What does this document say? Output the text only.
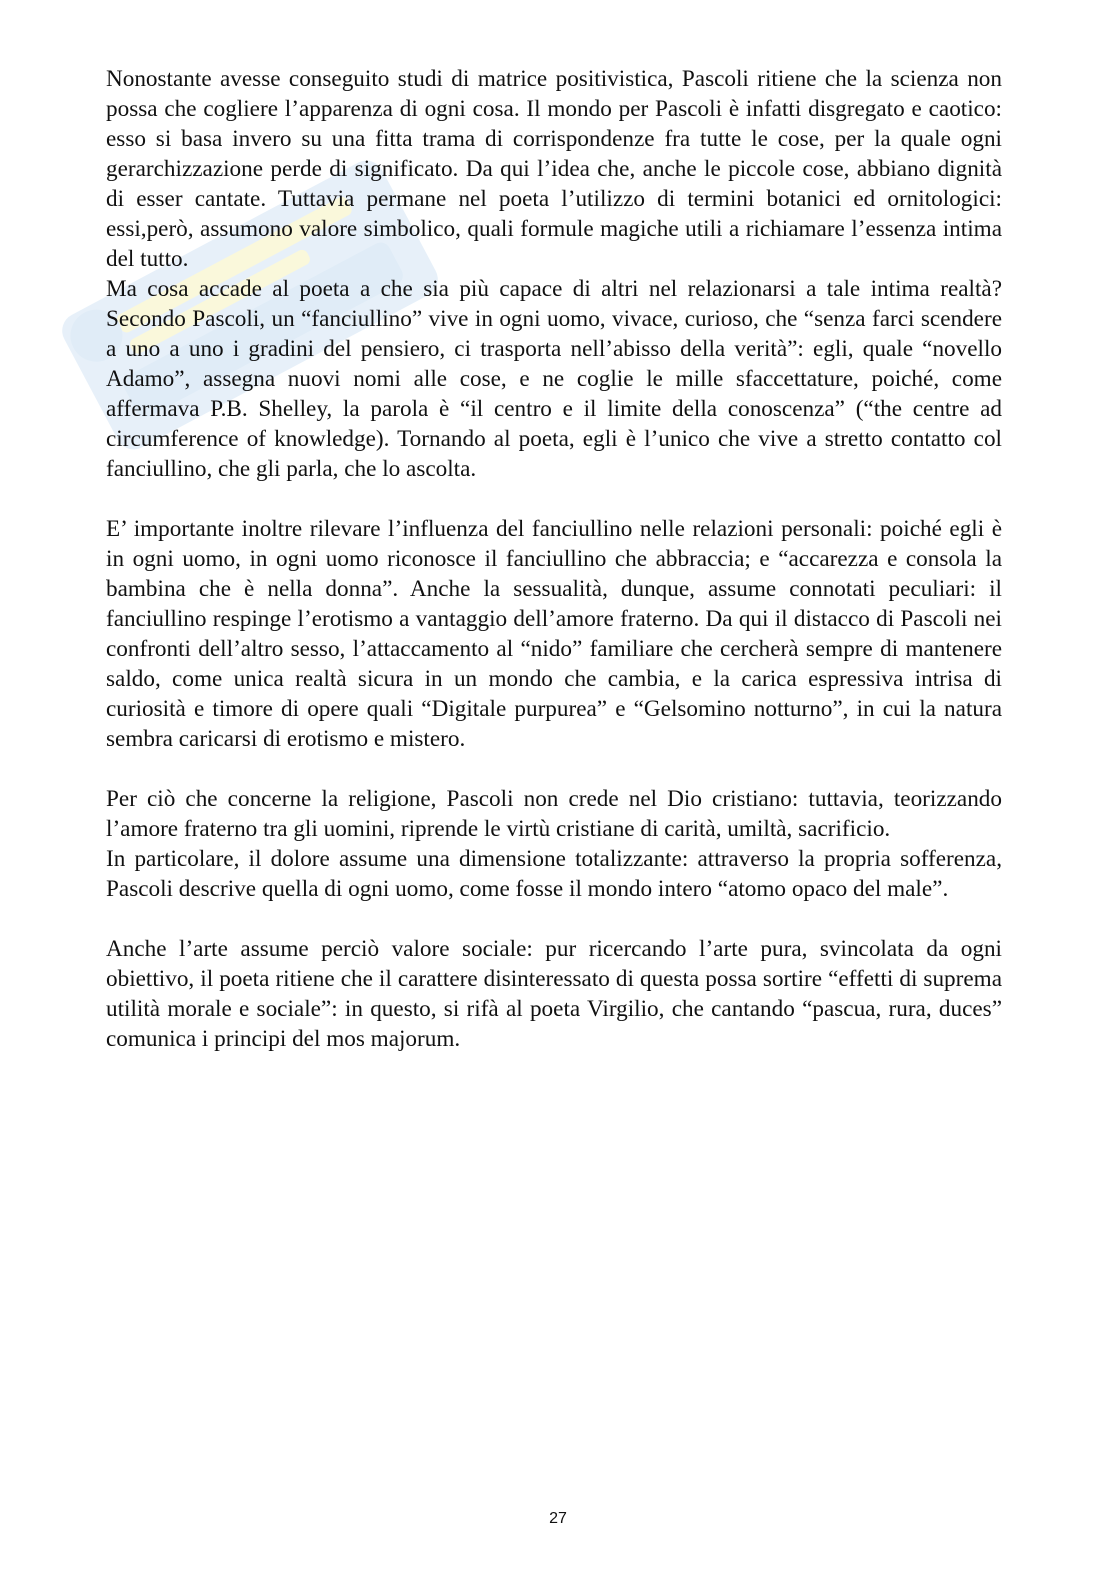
Nonostante avesse conseguito studi di matrice positivistica, Pascoli ritiene che la scienza non possa che cogliere l’apparenza di ogni cosa. Il mondo per Pascoli è infatti disgregato e caotico: esso si basa invero su una fitta trama di corrispondenze fra tutte le cose, per la quale ogni gerarchizzazione perde di significato. Da qui l’idea che, anche le piccole cose, abbiano dignità di esser cantate. Tuttavia permane nel poeta l’utilizzo di termini botanici ed ornitologici: essi,però, assumono valore simbolico, quali formule magiche utili a richiamare l’essenza intima del tutto.

Ma cosa accade al poeta a che sia più capace di altri nel relazionarsi a tale intima realtà? Secondo Pascoli, un “fanciullino” vive in ogni uomo, vivace, curioso, che “senza farci scendere a uno a uno i gradini del pensiero, ci trasporta nell’abisso della verità”: egli, quale “novello Adamo”, assegna nuovi nomi alle cose, e ne coglie le mille sfaccettature, poiché, come affermava P.B. Shelley, la parola è “il centro e il limite della conoscenza” (“the centre ad circumference of knowledge). Tornando al poeta, egli è l’unico che vive a stretto contatto col fanciullino, che gli parla, che lo ascolta.

E’ importante inoltre rilevare l’influenza del fanciullino nelle relazioni personali: poiché egli è in ogni uomo, in ogni uomo riconosce il fanciullino che abbraccia; e “accarezza e consola la bambina che è nella donna”. Anche la sessualità, dunque, assume connotati peculiari: il fanciullino respinge l’erotismo a vantaggio dell’amore fraterno. Da qui il distacco di Pascoli nei confronti dell’altro sesso, l’attaccamento al “nido” familiare che cercherà sempre di mantenere saldo, come unica realtà sicura in un mondo che cambia, e la carica espressiva intrisa di curiosità e timore di opere quali “Digitale purpurea” e “Gelsomino notturno”, in cui la natura sembra caricarsi di erotismo e mistero.

Per ciò che concerne la religione, Pascoli non crede nel Dio cristiano: tuttavia, teorizzando l’amore fraterno tra gli uomini, riprende le virtù cristiane di carità, umiltà, sacrificio.

In particolare, il dolore assume una dimensione totalizzante: attraverso la propria sofferenza, Pascoli descrive quella di ogni uomo, come fosse il mondo intero “atomo opaco del male”.

Anche l’arte assume perciò valore sociale: pur ricercando l’arte pura, svincolata da ogni obiettivo, il poeta ritiene che il carattere disinteressato di questa possa sortire “effetti di suprema utilità morale e sociale”: in questo, si rifà al poeta Virgilio, che cantando “pascua, rura, duces” comunica i principi del mos majorum.

27
